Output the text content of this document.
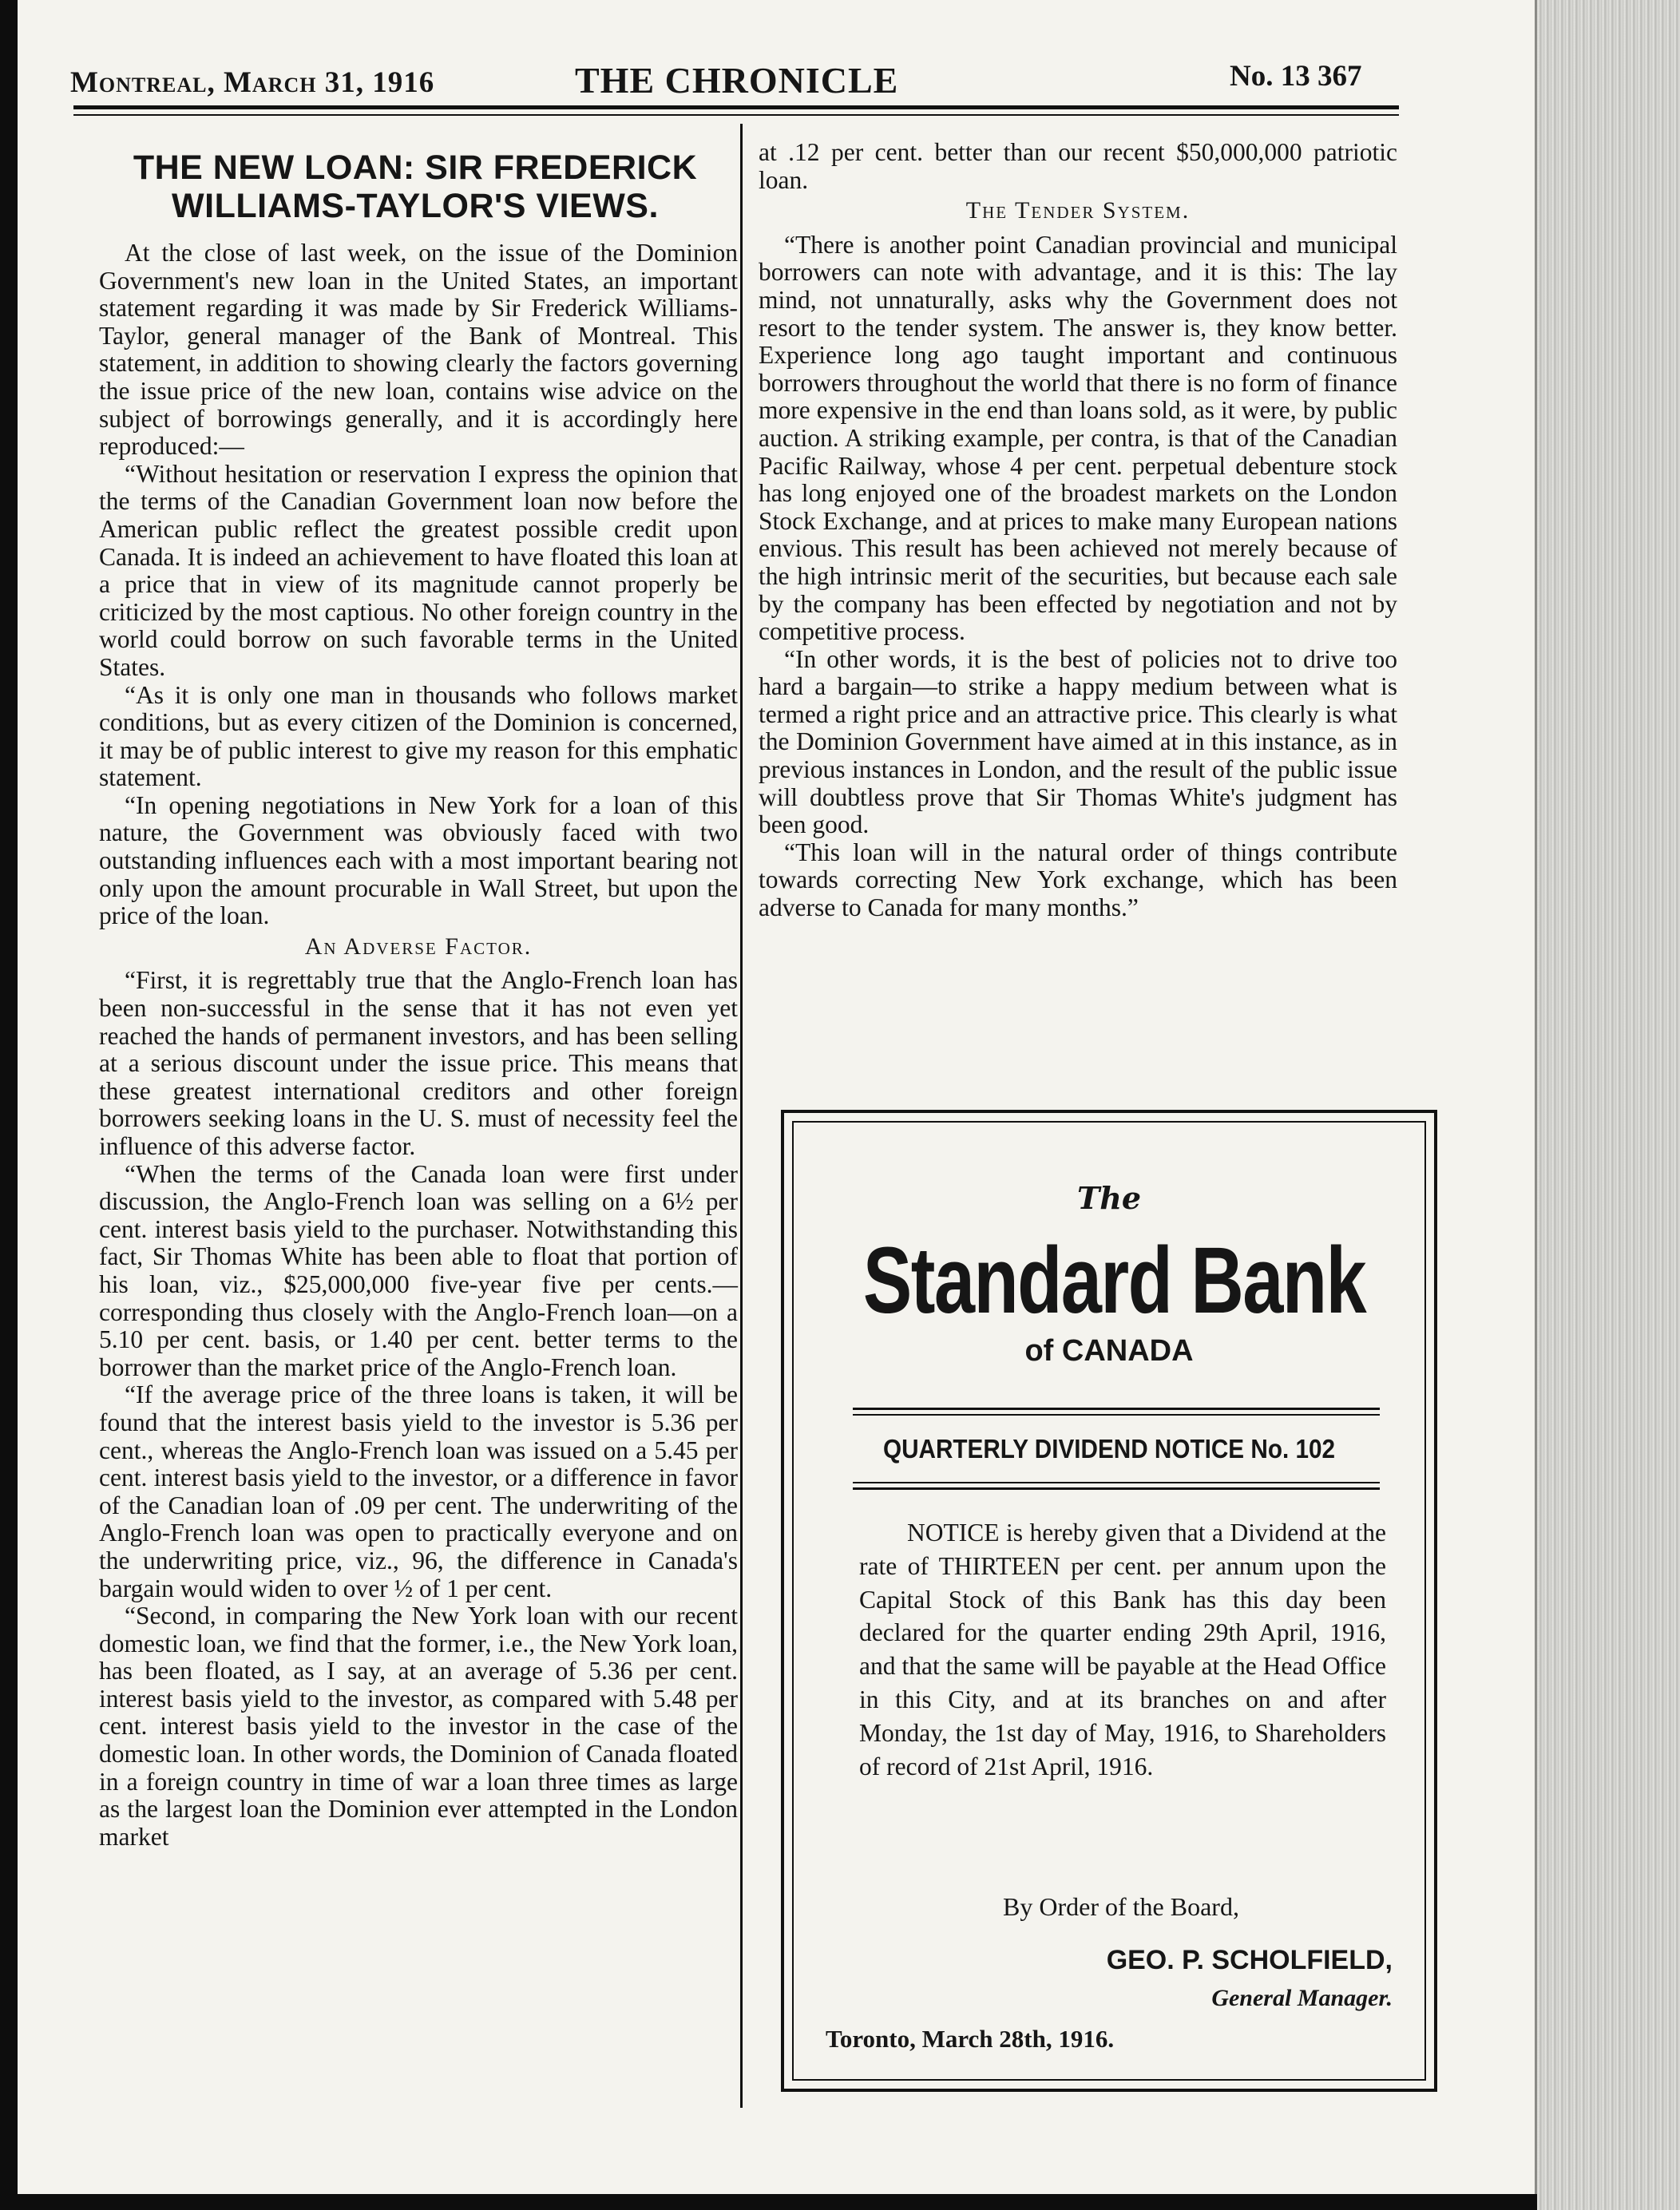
Montreal, March 31, 1916	THE CHRONICLE	No. 13 367
THE NEW LOAN: SIR FREDERICK
WILLIAMS-TAYLOR'S VIEWS.

At the close of last week, on the issue of the Dominion Government's new loan in the United States, an important statement regarding it was made by Sir Frederick Williams-Taylor, general manager of the Bank of Montreal. This statement, in addition to showing clearly the factors governing the issue price of the new loan, contains wise advice on the subject of borrowings generally, and it is accordingly here reproduced:—

“Without hesitation or reservation I express the opinion that the terms of the Canadian Government loan now before the American public reflect the greatest possible credit upon Canada. It is indeed an achievement to have floated this loan at a price that in view of its magnitude cannot properly be criticized by the most captious. No other foreign country in the world could borrow on such favorable terms in the United States.

“As it is only one man in thousands who follows market conditions, but as every citizen of the Dominion is concerned, it may be of public interest to give my reason for this emphatic statement.

“In opening negotiations in New York for a loan of this nature, the Government was obviously faced with two outstanding influences each with a most important bearing not only upon the amount procurable in Wall Street, but upon the price of the loan.

An Adverse Factor.

“First, it is regrettably true that the Anglo-French loan has been non-successful in the sense that it has not even yet reached the hands of permanent investors, and has been selling at a serious discount under the issue price. This means that these greatest international creditors and other foreign borrowers seeking loans in the U. S. must of necessity feel the influence of this adverse factor.

“When the terms of the Canada loan were first under discussion, the Anglo-French loan was selling on a 6½ per cent. interest basis yield to the purchaser. Notwithstanding this fact, Sir Thomas White has been able to float that portion of his loan, viz., $25,000,000 five-year five per cents.—corresponding thus closely with the Anglo-French loan—on a 5.10 per cent. basis, or 1.40 per cent. better terms to the borrower than the market price of the Anglo-French loan.

“If the average price of the three loans is taken, it will be found that the interest basis yield to the investor is 5.36 per cent., whereas the Anglo-French loan was issued on a 5.45 per cent. interest basis yield to the investor, or a difference in favor of the Canadian loan of .09 per cent. The underwriting of the Anglo-French loan was open to practically everyone and on the underwriting price, viz., 96, the difference in Canada's bargain would widen to over ½ of 1 per cent.

“Second, in comparing the New York loan with our recent domestic loan, we find that the former, i.e., the New York loan, has been floated, as I say, at an average of 5.36 per cent. interest basis yield to the investor, as compared with 5.48 per cent. interest basis yield to the investor in the case of the domestic loan. In other words, the Dominion of Canada floated in a foreign country in time of war a loan three times as large as the largest loan the Dominion ever attempted in the London market

at .12 per cent. better than our recent $50,000,000 patriotic loan.

The Tender System.

“There is another point Canadian provincial and municipal borrowers can note with advantage, and it is this: The lay mind, not unnaturally, asks why the Government does not resort to the tender system. The answer is, they know better. Experience long ago taught important and continuous borrowers throughout the world that there is no form of finance more expensive in the end than loans sold, as it were, by public auction. A striking example, per contra, is that of the Canadian Pacific Railway, whose 4 per cent. perpetual debenture stock has long enjoyed one of the broadest markets on the London Stock Exchange, and at prices to make many European nations envious. This result has been achieved not merely because of the high intrinsic merit of the securities, but because each sale by the company has been effected by negotiation and not by competitive process.

“In other words, it is the best of policies not to drive too hard a bargain—to strike a happy medium between what is termed a right price and an attractive price. This clearly is what the Dominion Government have aimed at in this instance, as in previous instances in London, and the result of the public issue will doubtless prove that Sir Thomas White's judgment has been good.

“This loan will in the natural order of things contribute towards correcting New York exchange, which has been adverse to Canada for many months.”

The
Standard Bank
of CANADA
QUARTERLY DIVIDEND NOTICE No. 102

NOTICE is hereby given that a Dividend at the rate of THIRTEEN per cent. per annum upon the Capital Stock of this Bank has this day been declared for the quarter ending 29th April, 1916, and that the same will be payable at the Head Office in this City, and at its branches on and after Monday, the 1st day of May, 1916, to Shareholders of record of 21st April, 1916.

By Order of the Board,
GEO. P. SCHOLFIELD,
General Manager.
Toronto, March 28th, 1916.
